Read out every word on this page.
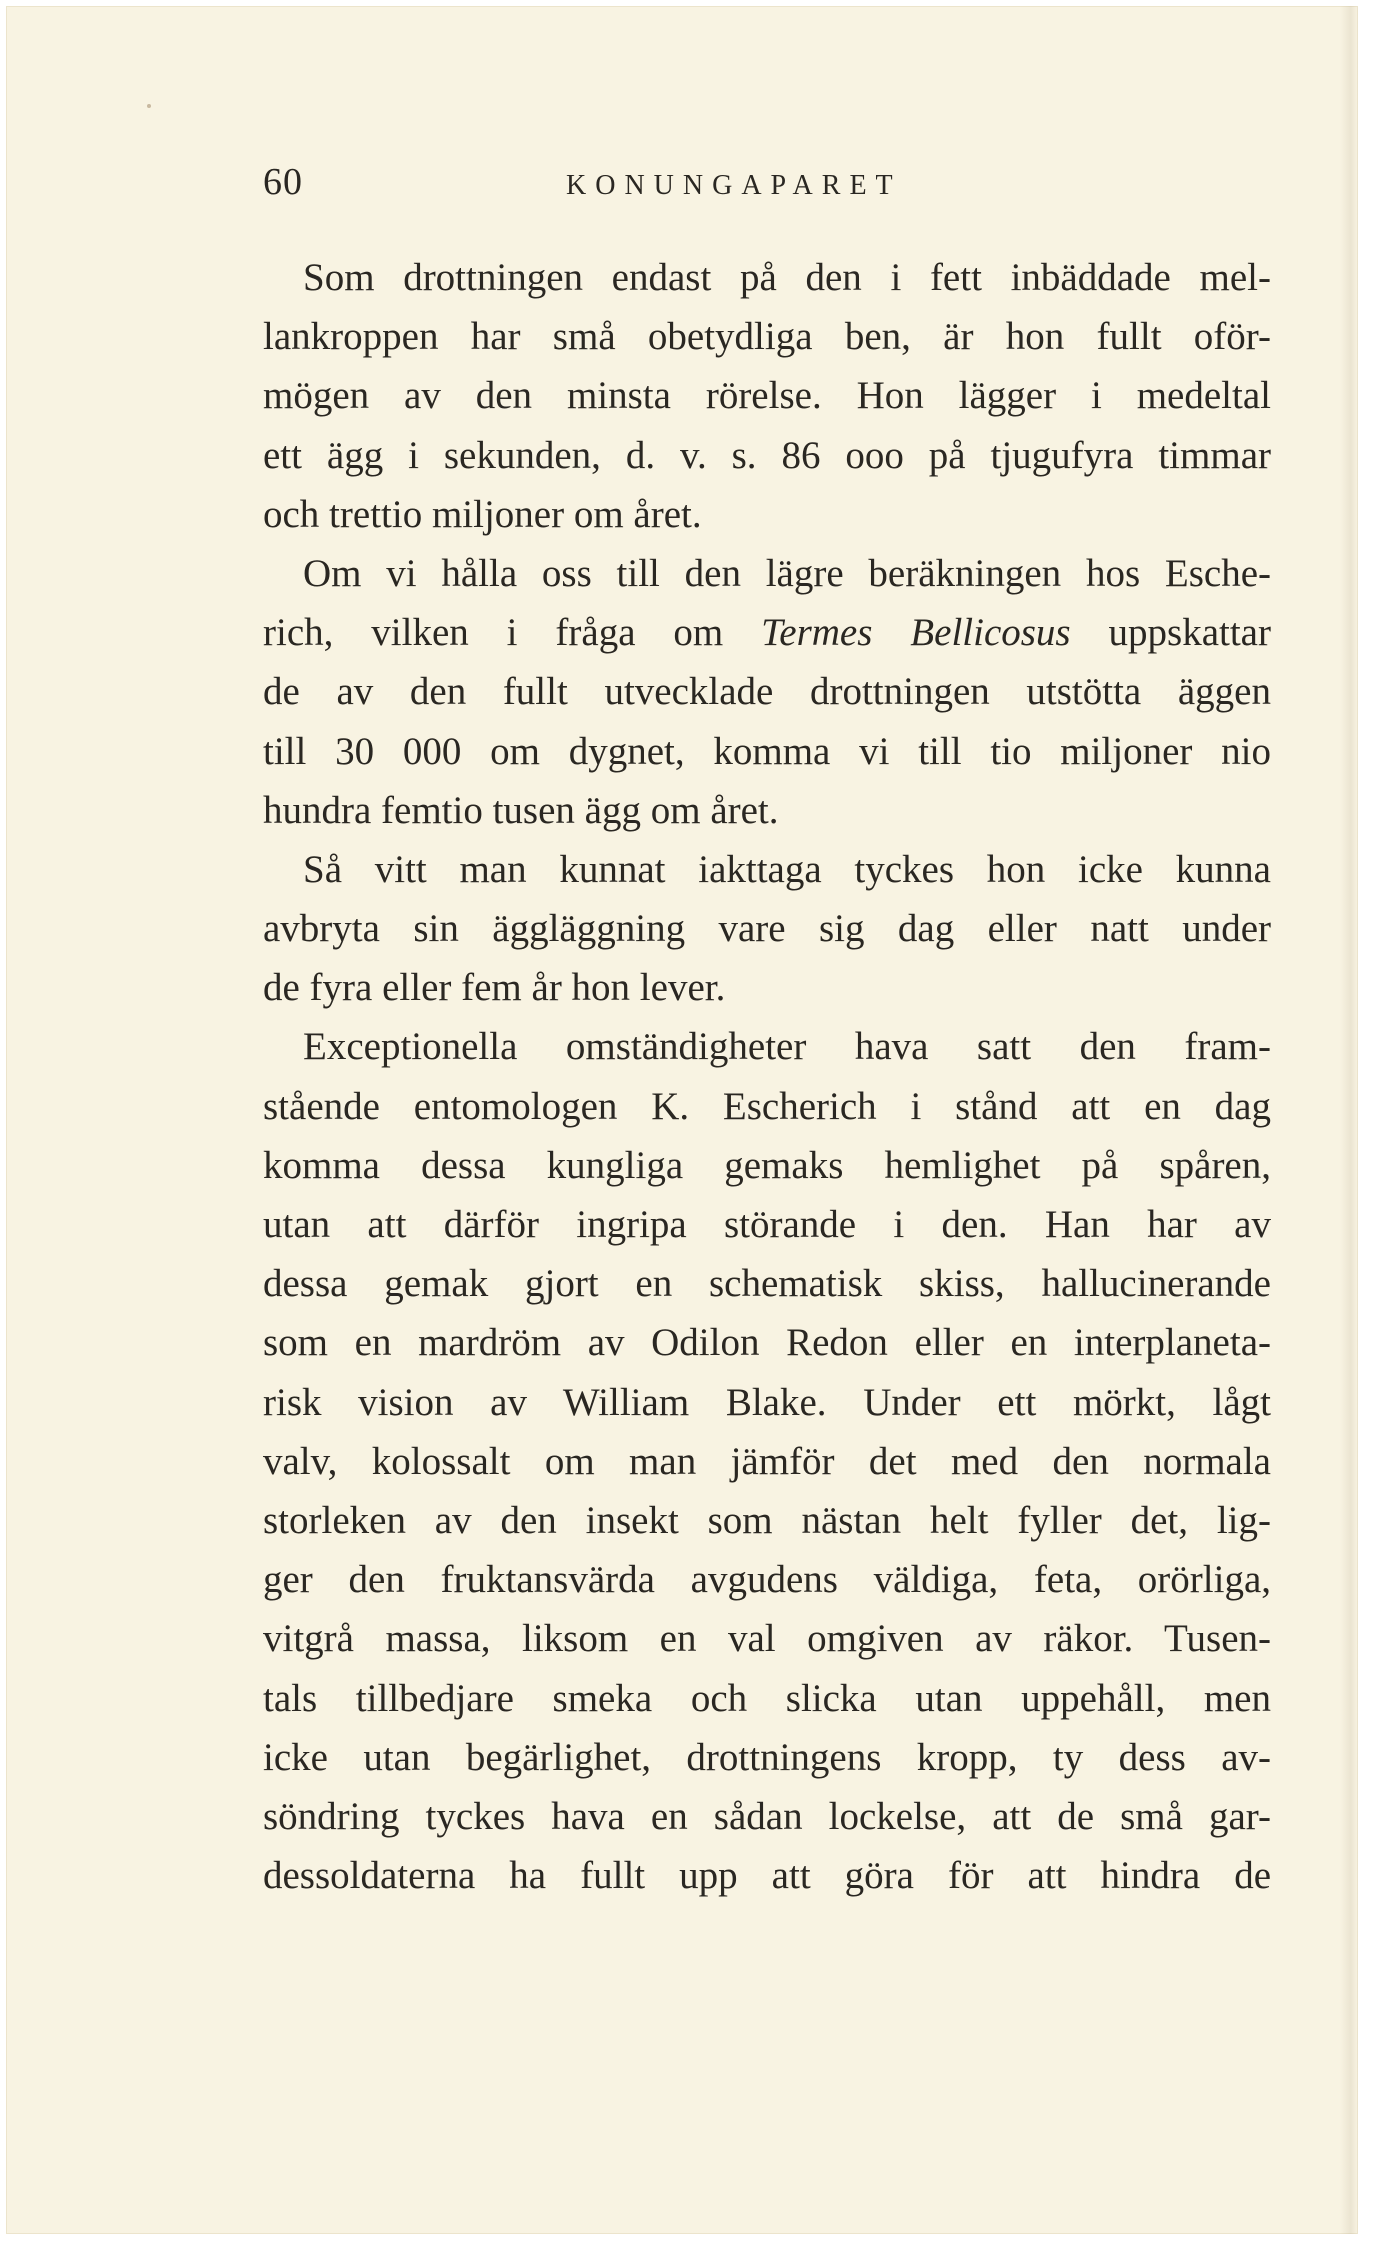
60	KONUNGAPARET
Som drottningen endast på den i fett inbäddade mel-
lankroppen har små obetydliga ben, är hon fullt oför-
mögen av den minsta rörelse. Hon lägger i medeltal
ett ägg i sekunden, d. v. s. 86 ooo på tjugufyra timmar
och trettio miljoner om året.
Om vi hålla oss till den lägre beräkningen hos Esche-
rich, vilken i fråga om Termes Bellicosus uppskattar
de av den fullt utvecklade drottningen utstötta äggen
till 30 000 om dygnet, komma vi till tio miljoner nio
hundra femtio tusen ägg om året.
Så vitt man kunnat iakttaga tyckes hon icke kunna
avbryta sin äggläggning vare sig dag eller natt under
de fyra eller fem år hon lever.
Exceptionella omständigheter hava satt den fram-
stående entomologen K. Escherich i stånd att en dag
komma dessa kungliga gemaks hemlighet på spåren,
utan att därför ingripa störande i den. Han har av
dessa gemak gjort en schematisk skiss, hallucinerande
som en mardröm av Odilon Redon eller en interplaneta-
risk vision av William Blake. Under ett mörkt, lågt
valv, kolossalt om man jämför det med den normala
storleken av den insekt som nästan helt fyller det, lig-
ger den fruktansvärda avgudens väldiga, feta, orörliga,
vitgrå massa, liksom en val omgiven av räkor. Tusen-
tals tillbedjare smeka och slicka utan uppehåll, men
icke utan begärlighet, drottningens kropp, ty dess av-
söndring tyckes hava en sådan lockelse, att de små gar-
dessoldaterna ha fullt upp att göra för att hindra de
